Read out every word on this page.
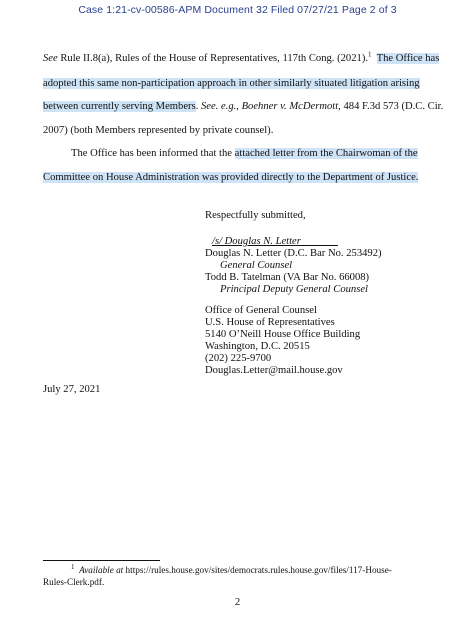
Case 1:21-cv-00586-APM Document 32 Filed 07/27/21 Page 2 of 3
See Rule II.8(a), Rules of the House of Representatives, 117th Cong. (2021).$^1$ The Office has
adopted this same non-participation approach in other similarly situated litigation arising
between currently serving Members. See. e.g., Boehner v. McDermott, 484 F.3d 573 (D.C. Cir.
2007) (both Members represented by private counsel).
The Office has been informed that the attached letter from the Chairwoman of the
Committee on House Administration was provided directly to the Department of Justice.
Respectfully submitted,
/s/ Douglas N. Letter
Douglas N. Letter (D.C. Bar No. 253492)
General Counsel
Todd B. Tatelman (VA Bar No. 66008)
Principal Deputy General Counsel
Office of General Counsel
U.S. House of Representatives
5140 O’Neill House Office Building
Washington, D.C. 20515
(202) 225-9700
Douglas.Letter@mail.house.gov
July 27, 2021
$^1$ Available at https://rules.house.gov/sites/democrats.rules.house.gov/files/117-House-
Rules-Clerk.pdf.
2
